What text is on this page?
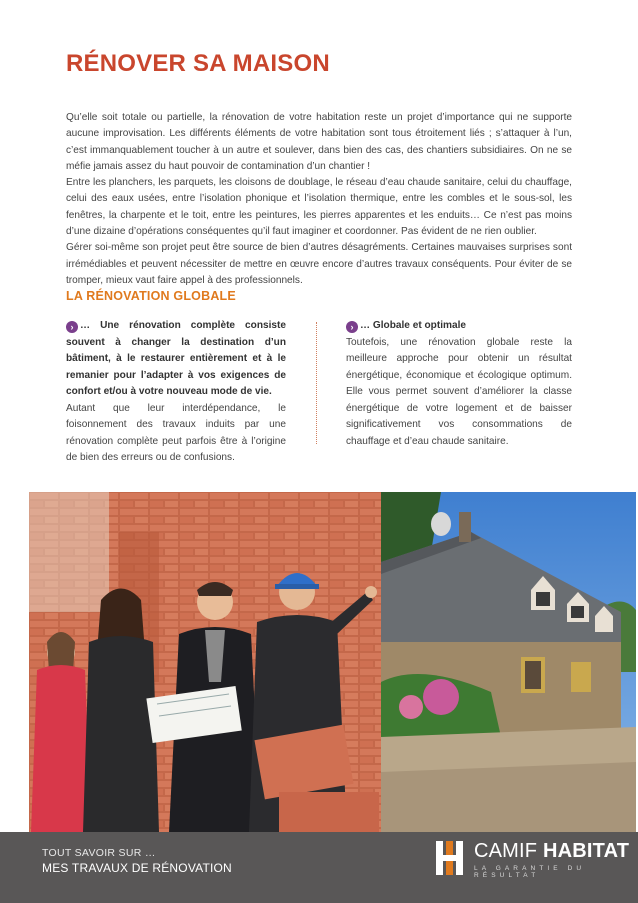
RÉNOVER SA MAISON

Qu’elle soit totale ou partielle, la rénovation de votre habitation reste un projet d’importance qui ne supporte aucune improvisation. Les différents éléments de votre habitation sont tous étroitement liés ; s’attaquer à l’un, c’est immanquablement toucher à un autre et soulever, dans bien des cas, des chantiers subsidiaires. On ne se méfie jamais assez du haut pouvoir de contamination d’un chantier !

Entre les planchers, les parquets, les cloisons de doublage, le réseau d’eau chaude sanitaire, celui du chauffage, celui des eaux usées, entre l’isolation phonique et l’isolation thermique, entre les combles et le sous-sol, les fenêtres, la charpente et le toit, entre les peintures, les pierres apparentes et les enduits… Ce n’est pas moins d’une dizaine d’opérations conséquentes qu’il faut imaginer et coordonner. Pas évident de ne rien oublier.

Gérer soi-même son projet peut être source de bien d’autres désagréments. Certaines mauvaises surprises sont irrémédiables et peuvent nécessiter de mettre en œuvre encore d’autres travaux conséquents. Pour éviter de se tromper, mieux vaut faire appel à des professionnels.

LA RÉNOVATION GLOBALE
› … Une rénovation complète consiste souvent à changer la destination d’un bâtiment, à le restaurer entièrement et à le remanier pour l’adapter à vos exigences de confort et/ou à votre nouveau mode de vie.

Autant que leur interdépendance, le foisonnement des travaux induits par une rénovation complète peut parfois être à l’origine de bien des erreurs ou de confusions.

› … Globale et optimale

Toutefois, une rénovation globale reste la meilleure approche pour obtenir un résultat énergétique, économique et écologique optimum. Elle vous permet souvent d’améliorer la classe énergétique de votre logement et de baisser significativement vos consommations de chauffage et d’eau chaude sanitaire.

TOUT SAVOIR SUR …
MES TRAVAUX DE RÉNOVATION
CAMIF HABITAT
LA GARANTIE DU RÉSULTAT
